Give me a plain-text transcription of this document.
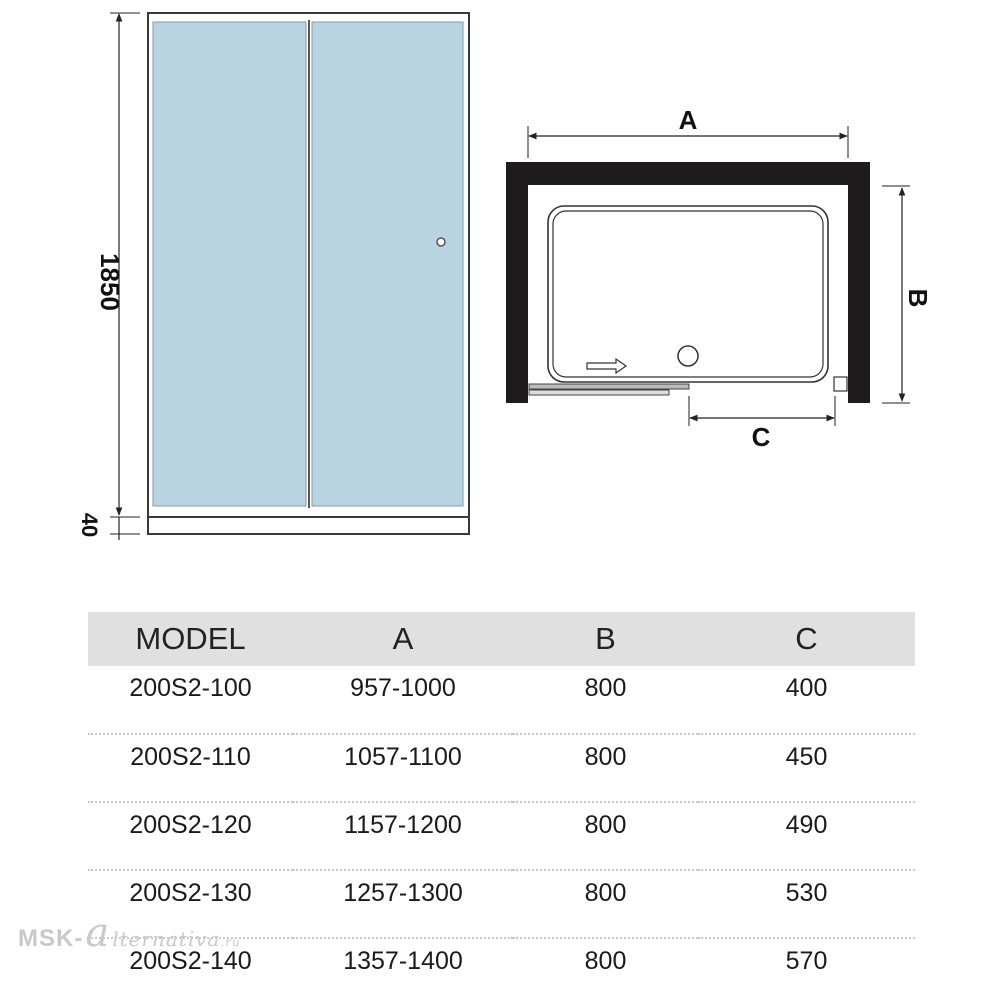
1850
40
A
B
C
MODEL	A	B	C
200S2-100	957-1000	800	400
200S2-110	1057-1100	800	450
200S2-120	1157-1200	800	490
200S2-130	1257-1300	800	530
200S2-140	1357-1400	800	570
MSK- a lternativa .ru
